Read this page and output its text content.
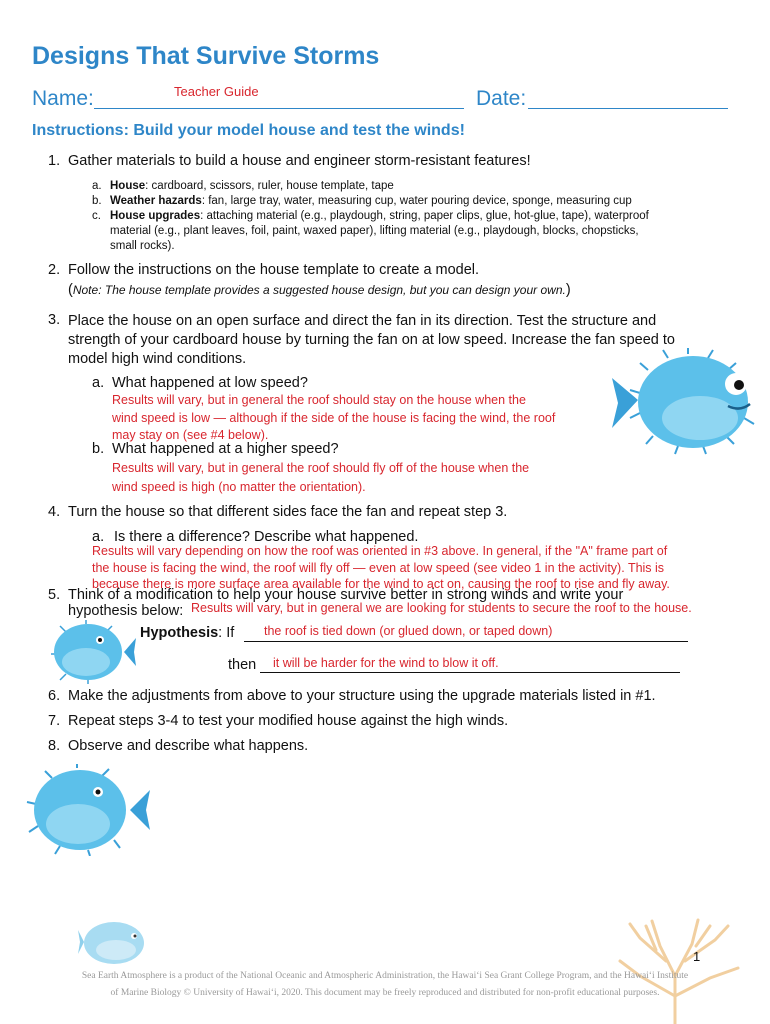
Designs That Survive Storms
Name:	Teacher Guide	Date:
Instructions: Build your model house and test the winds!
1. Gather materials to build a house and engineer storm-resistant features!
a. House: cardboard, scissors, ruler, house template, tape
b. Weather hazards: fan, large tray, water, measuring cup, water pouring device, sponge, measuring cup
c. House upgrades: attaching material (e.g., playdough, string, paper clips, glue, hot-glue, tape), waterproof
material (e.g., plant leaves, foil, paint, waxed paper), lifting material (e.g., playdough, blocks, chopsticks,
small rocks).
2. Follow the instructions on the house template to create a model.
(Note: The house template provides a suggested house design, but you can design your own.)
3. Place the house on an open surface and direct the fan in its direction. Test the structure and
strength of your cardboard house by turning the fan on at low speed. Increase the fan speed to
model high wind conditions.
a. What happened at low speed?
Results will vary, but in general the roof should stay on the house when the
wind speed is low — although if the side of the house is facing the wind, the roof
may stay on (see #4 below).
b. What happened at a higher speed?
Results will vary, but in general the roof should fly off of the house when the
wind speed is high (no matter the orientation).
4. Turn the house so that different sides face the fan and repeat step 3.
a. Is there a difference? Describe what happened.
Results will vary depending on how the roof was oriented in #3 above. In general, if the "A" frame part of
the house is facing the wind, the roof will fly off — even at low speed (see video 1 in the activity). This is
because there is more surface area available for the wind to act on, causing the roof to rise and fly away.
5. Think of a modification to help your house survive better in strong winds and write your
hypothesis below: Results will vary, but in general we are looking for students to secure the roof to the house.
Hypothesis: If the roof is tied down (or glued down, or taped down)
then it will be harder for the wind to blow it off.
6. Make the adjustments from above to your structure using the upgrade materials listed in #1.
7. Repeat steps 3-4 to test your modified house against the high winds.
8. Observe and describe what happens.
1
Sea Earth Atmosphere is a product of the National Oceanic and Atmospheric Administration, the Hawaiʻi Sea Grant College Program, and the Hawaiʻi Institute
of Marine Biology © University of Hawaiʻi, 2020. This document may be freely reproduced and distributed for non-profit educational purposes.
